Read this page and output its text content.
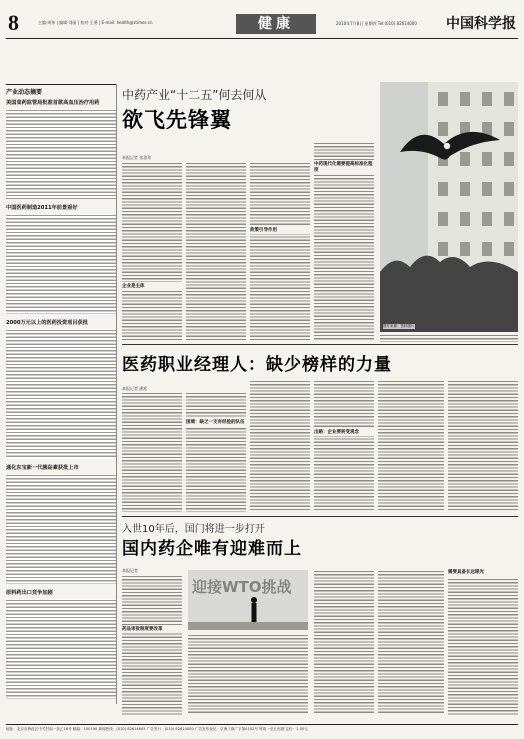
8	主编·周伟 | 编辑·刘丽 | 校对·王勇 | E-mail: health@stimes.cn	健康	2010年7月8日 星期四 Tel:(010) 82614000 中国科学报
产业动态摘要
美国食药监管局批准首款高血压治疗用药
中国医药制造2011年前景看好
2000万元以上的医药投资项目获批
通化东宝新一代胰岛素获批上市
原料药出口竞争加剧
中药产业“十二五”何去何从
欲飞先锋翼
本报记者 张思玮
企业是主体
政策引导作用
中药现代化需要提高标准化程度
图片来源：资料图片
医药职业经理人：缺少榜样的力量
本报记者 潘希
困境：缺乏一支有经验的队伍
出路：企业要转变观念
入世10年后，国门将进一步打开
国内药企唯有迎难而上
本报记者
药品审批制度要改革
迎接WTO挑战
需要具备长远眼光
地址：北京市海淀区中关村南一条乙16号 邮编：100190 新闻热线：(010) 82614605 广告发行：(010) 82614000 广告发布登记：京海工商广字第0102号 每周一至五出版 定价：1.00元
